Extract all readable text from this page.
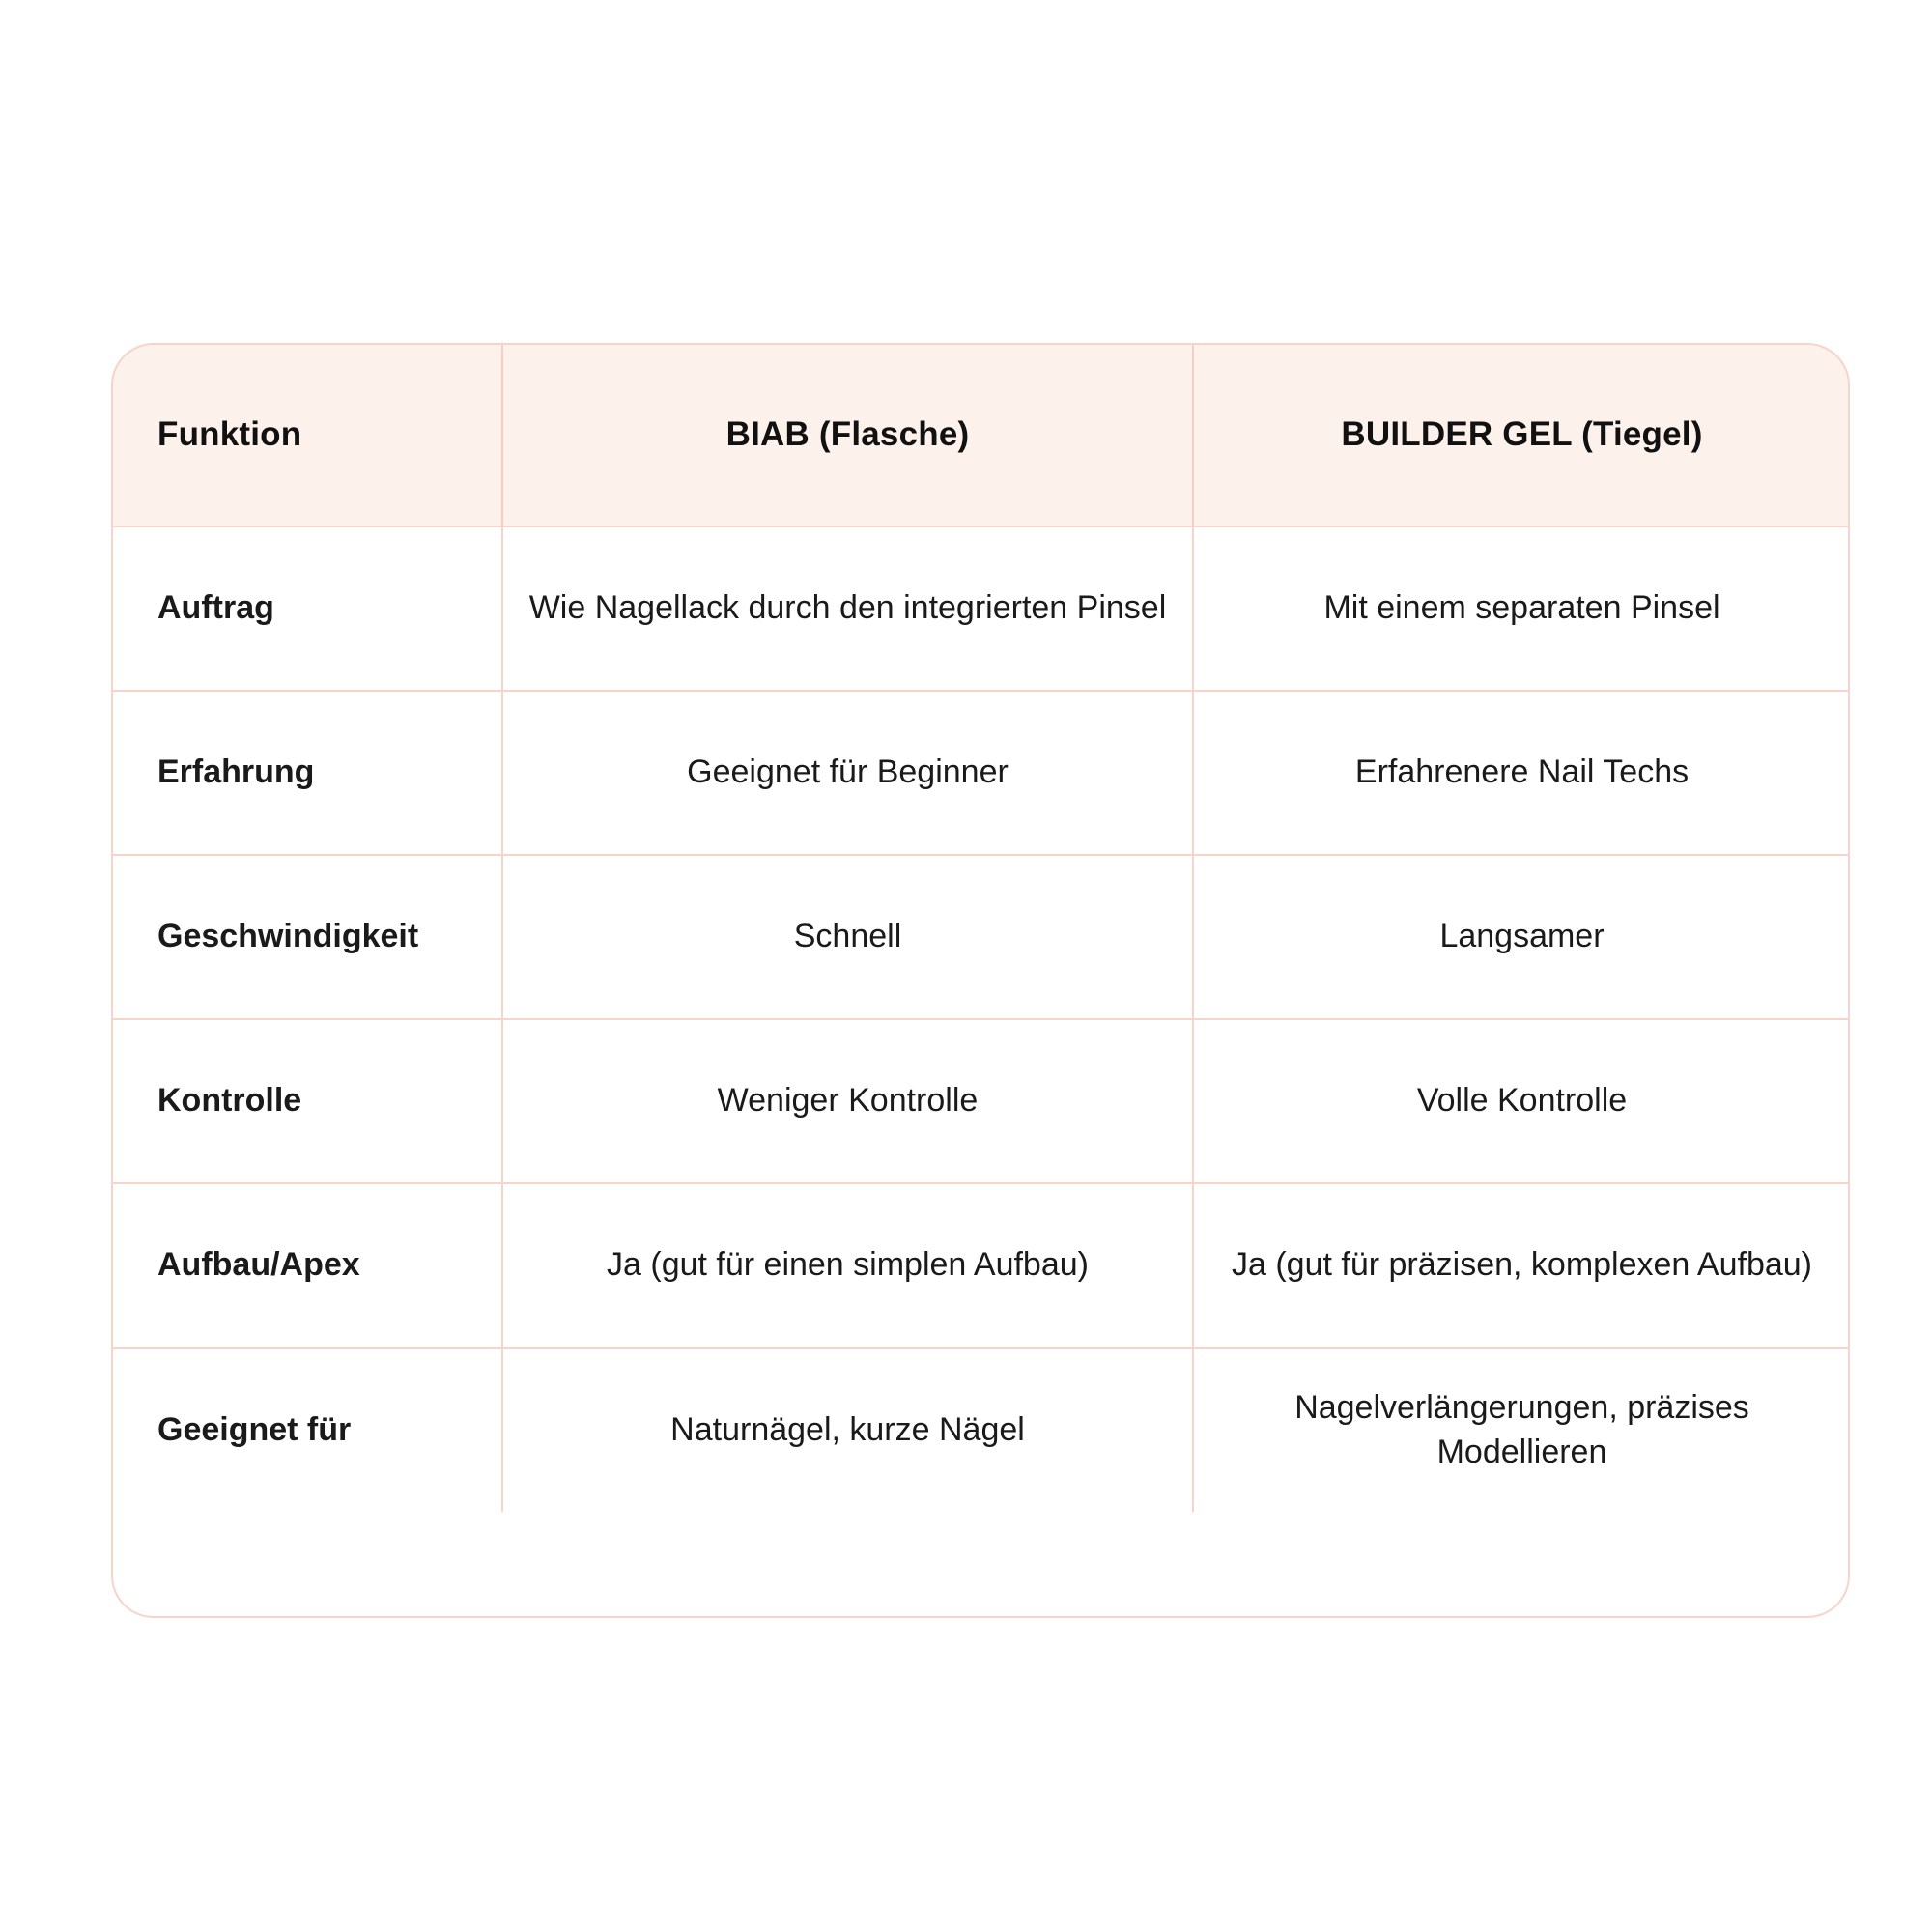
Funktion	BIAB (Flasche)	BUILDER GEL (Tiegel)
Auftrag	Wie Nagellack durch den integrierten Pinsel	Mit einem separaten Pinsel
Erfahrung	Geeignet für Beginner	Erfahrenere Nail Techs
Geschwindigkeit	Schnell	Langsamer
Kontrolle	Weniger Kontrolle	Volle Kontrolle
Aufbau/Apex	Ja (gut für einen simplen Aufbau)	Ja (gut für präzisen, komplexen Aufbau)
Geeignet für	Naturnägel, kurze Nägel	Nagelverlängerungen, präzises Modellieren
